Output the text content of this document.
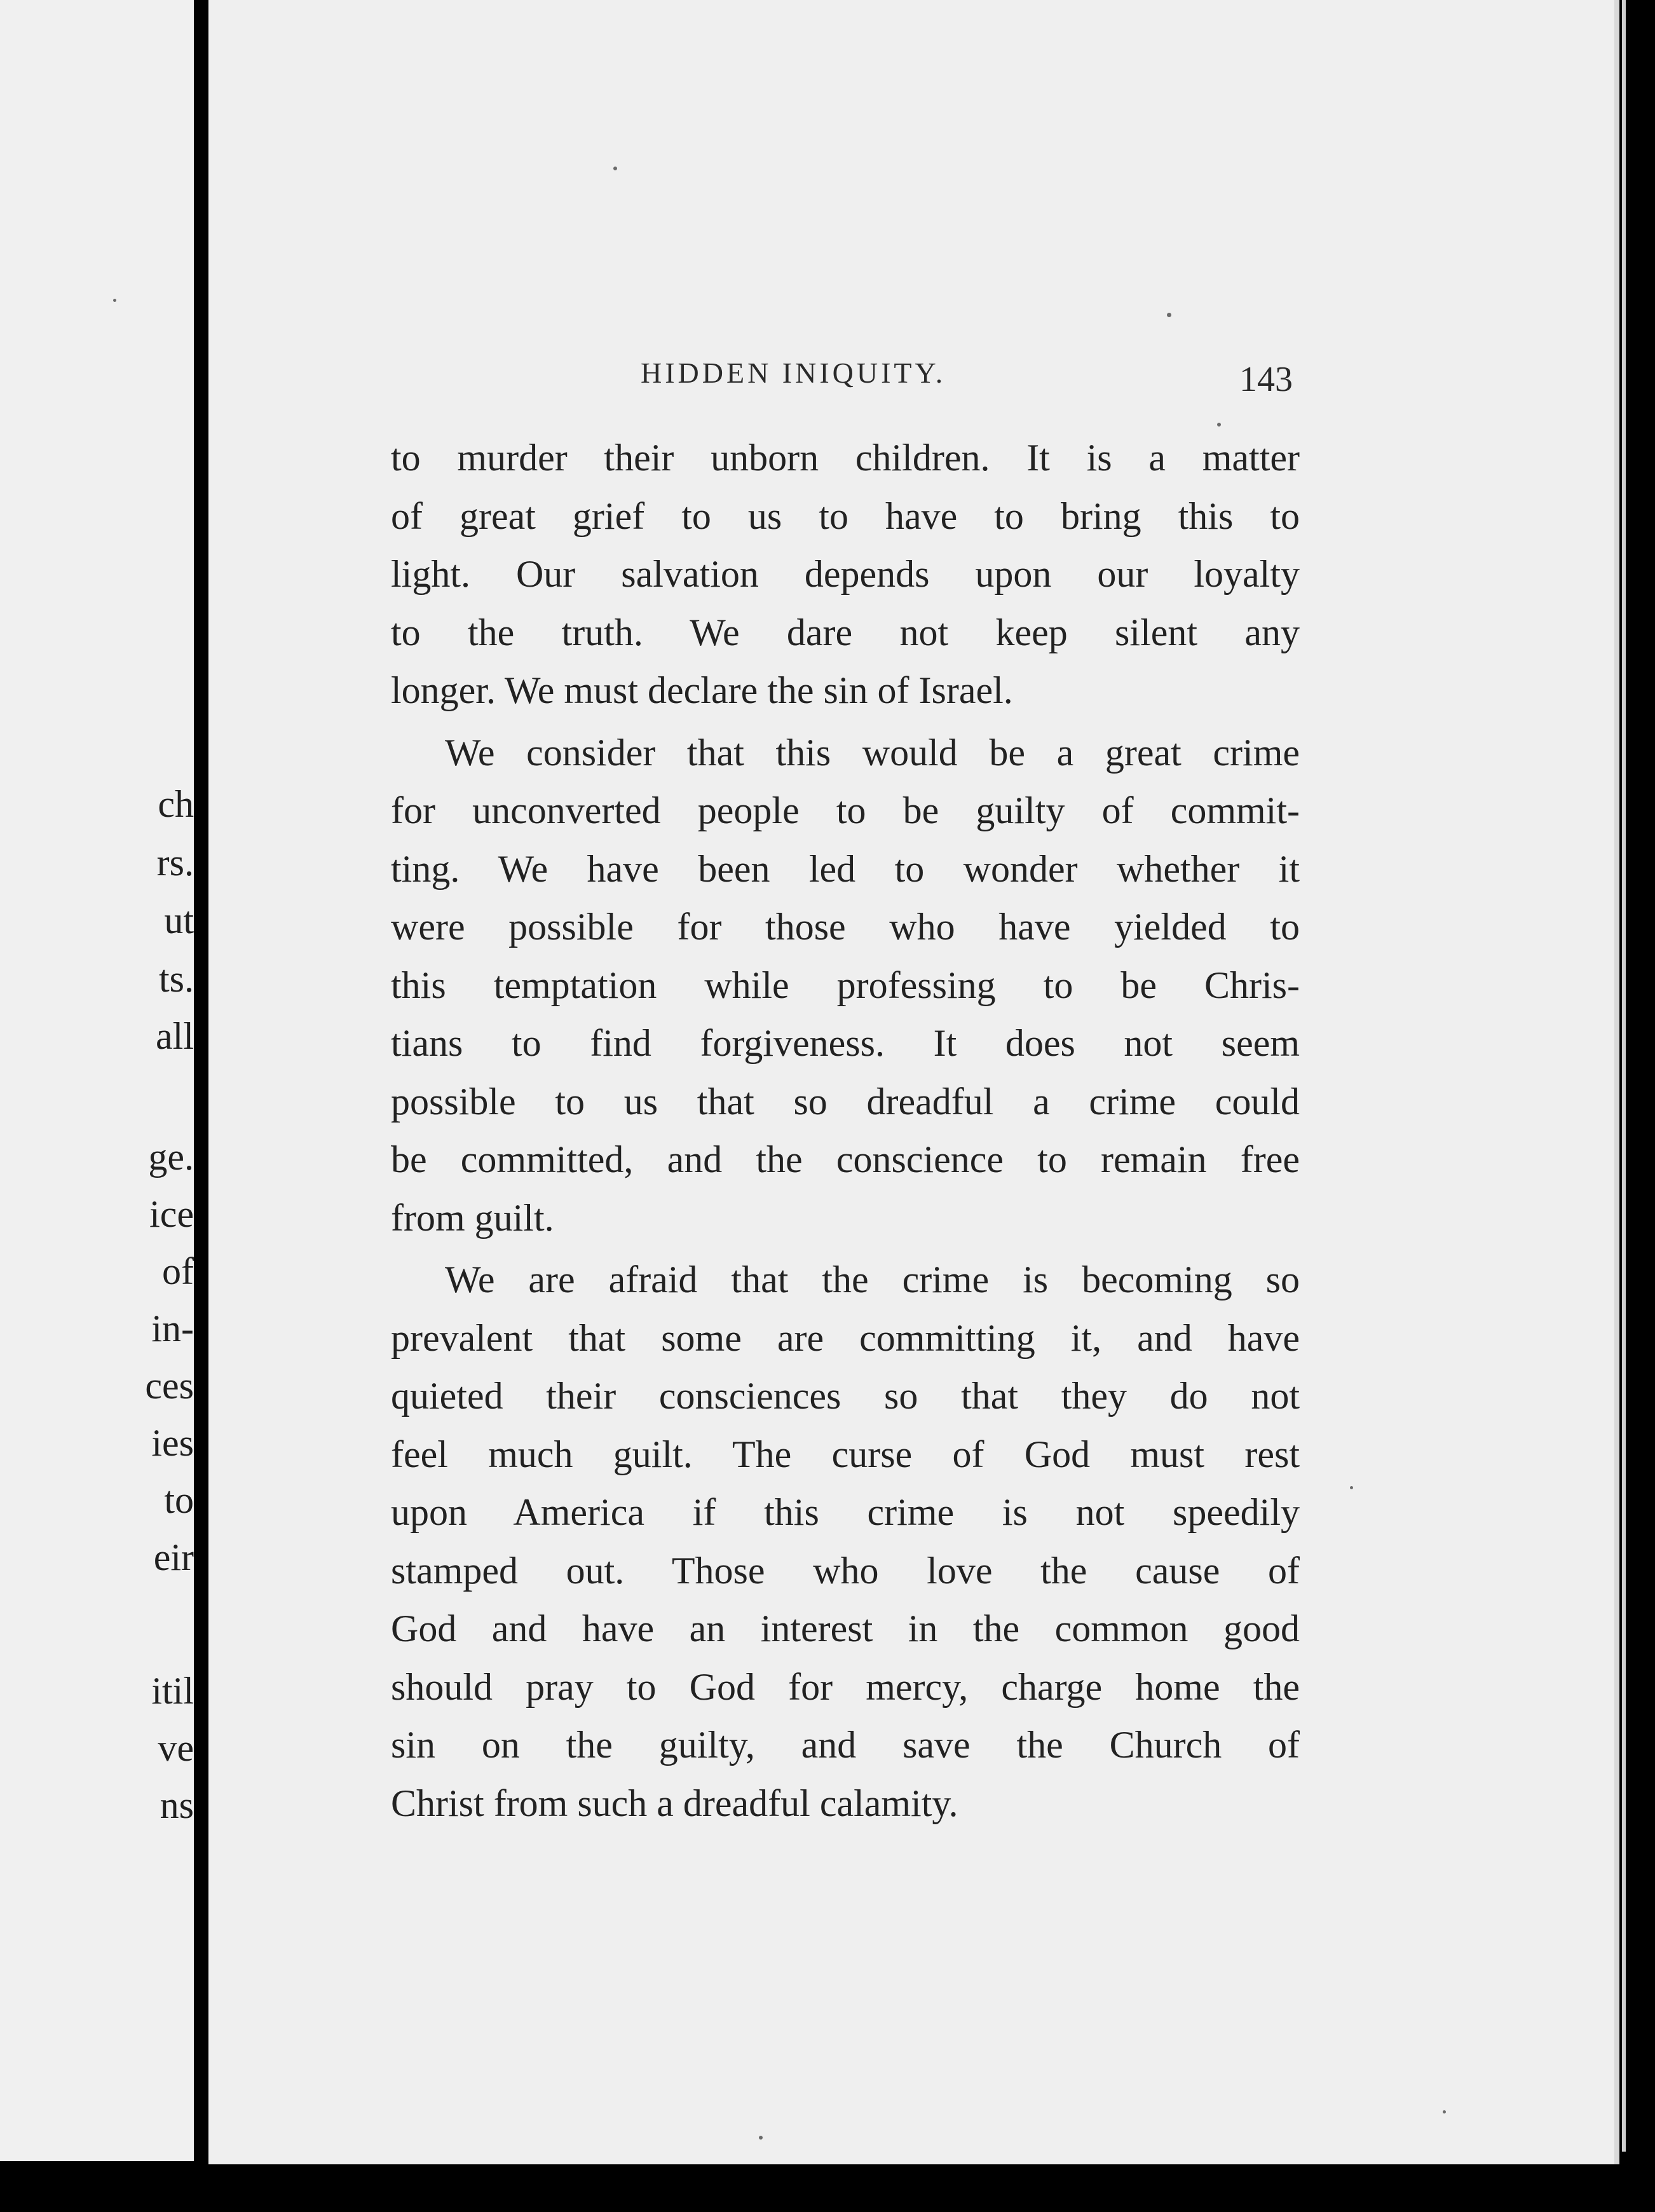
ch
rs.
ut
ts.
all
ge.
ice
of
in-
ces
ies
to
eir
itil
ve
ns
HIDDEN INIQUITY.	143
to murder their unborn children. It is a matter
of great grief to us to have to bring this to
light. Our salvation depends upon our loyalty
to the truth. We dare not keep silent any
longer. We must declare the sin of Israel.
We consider that this would be a great crime
for unconverted people to be guilty of commit-
ting. We have been led to wonder whether it
were possible for those who have yielded to
this temptation while professing to be Chris-
tians to find forgiveness. It does not seem
possible to us that so dreadful a crime could
be committed, and the conscience to remain free
from guilt.
We are afraid that the crime is becoming so
prevalent that some are committing it, and have
quieted their consciences so that they do not
feel much guilt. The curse of God must rest
upon America if this crime is not speedily
stamped out. Those who love the cause of
God and have an interest in the common good
should pray to God for mercy, charge home the
sin on the guilty, and save the Church of
Christ from such a dreadful calamity.
